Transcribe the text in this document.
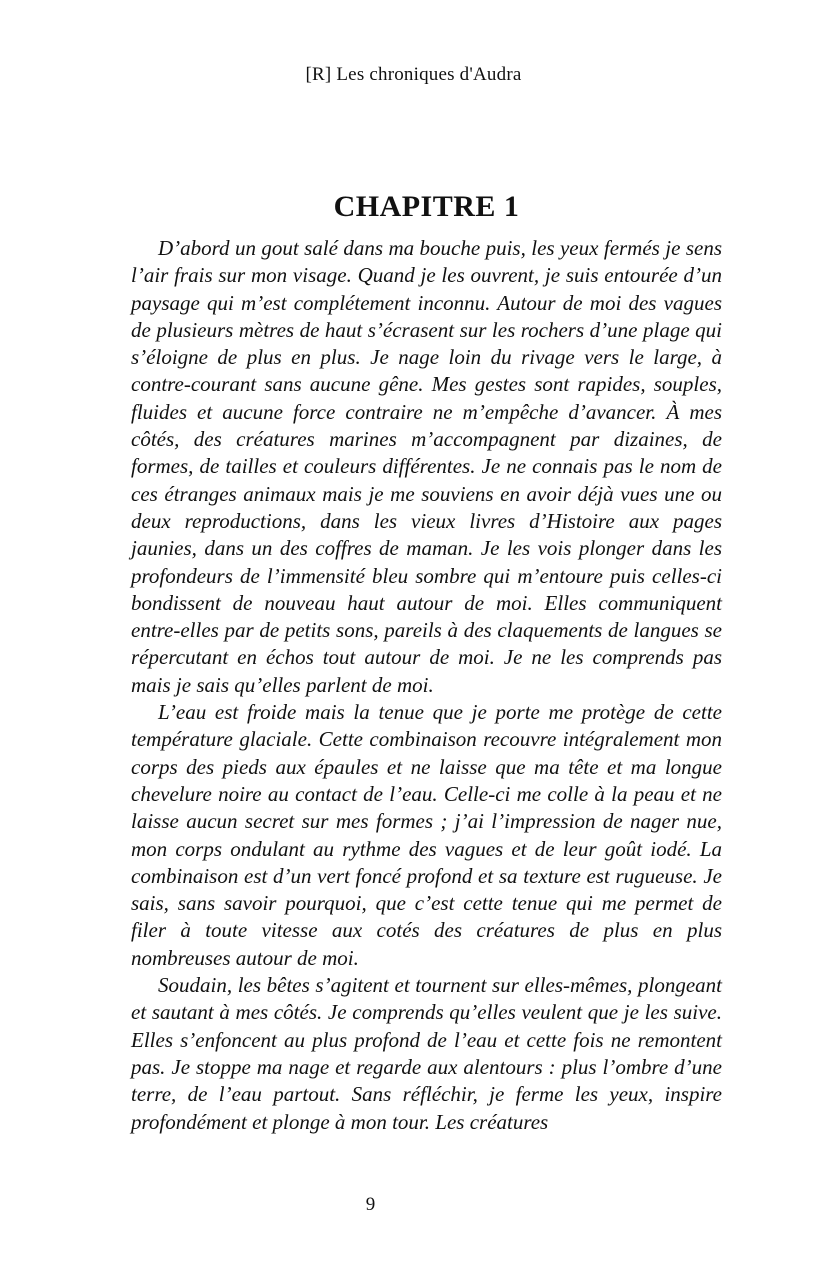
[R] Les chroniques d'Audra
CHAPITRE 1

D’abord un gout salé dans ma bouche puis, les yeux fermés je sens l’air frais sur mon visage. Quand je les ouvrent, je suis entourée d’un paysage qui m’est complétement inconnu. Autour de moi des vagues de plusieurs mètres de haut s’écrasent sur les rochers d’une plage qui s’éloigne de plus en plus. Je nage loin du rivage vers le large, à contre-courant sans aucune gêne. Mes gestes sont rapides, souples, fluides et aucune force contraire ne m’empêche d’avancer. À mes côtés, des créatures marines m’accompagnent par dizaines, de formes, de tailles et couleurs différentes. Je ne connais pas le nom de ces étranges animaux mais je me souviens en avoir déjà vues une ou deux reproductions, dans les vieux livres d’Histoire aux pages jaunies, dans un des coffres de maman. Je les vois plonger dans les profondeurs de l’immensité bleu sombre qui m’entoure puis celles-ci bondissent de nouveau haut autour de moi. Elles communiquent entre-elles par de petits sons, pareils à des claquements de langues se répercutant en échos tout autour de moi. Je ne les comprends pas mais je sais qu’elles parlent de moi.

L’eau est froide mais la tenue que je porte me protège de cette température glaciale. Cette combinaison recouvre intégralement mon corps des pieds aux épaules et ne laisse que ma tête et ma longue chevelure noire au contact de l’eau. Celle-ci me colle à la peau et ne laisse aucun secret sur mes formes ; j’ai l’impression de nager nue, mon corps ondulant au rythme des vagues et de leur goût iodé. La combinaison est d’un vert foncé profond et sa texture est rugueuse. Je sais, sans savoir pourquoi, que c’est cette tenue qui me permet de filer à toute vitesse aux cotés des créatures de plus en plus nombreuses autour de moi.

Soudain, les bêtes s’agitent et tournent sur elles-mêmes, plongeant et sautant à mes côtés. Je comprends qu’elles veulent que je les suive. Elles s’enfoncent au plus profond de l’eau et cette fois ne remontent pas. Je stoppe ma nage et regarde aux alentours : plus l’ombre d’une terre, de l’eau partout. Sans réfléchir, je ferme les yeux, inspire profondément et plonge à mon tour. Les créatures

9
